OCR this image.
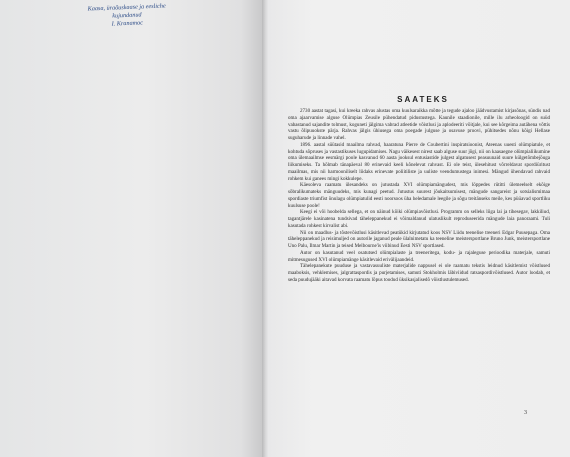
Kaasa, üraõuskaase ja eesliche
kujundanud
I. Kranamoc
SAATEKS

2730 aastat tagasi, kui kreeka rahvas alustas oma kuulsaraikka mõtte ja tegude ajaloo jäädvustamist kirjasõnas, sündis nad oma ajaarvamise alguse Olümpias Zeusile pühendatud pidustustega. Kaunile staadionile, mille ilu arheoloogid on suüd vabastanud sajandite tolmust, koguneti jälgima vabrad atleetide võistlusi ja aplodeeriti võitjale, kui see kõrgeima autähena võttis vastu õlipuuokste pärja. Rahvas jälgis ühiusega oma poegade julguse ja osavuse proovi, pühitsedes nõnu kõigi Hellase suguharude ja linnade vahel.

1896. aastal süütasid maailma rahvad, haaratuna Pierre de Coubertini inspiratsioonist, Ateenas uuesti olümpiatule, et kohtuda sõpruses ja vastastikuses lugupidamises. Nagu väikesest nirest saab alguse suur jõgi, nii on kaasaegne olümpialiikumine oma ülemaailmse eesmärgi poole kasvanud 60 aasta jooksul entusiastide julgest algatusest peasuunaid suure külgetõmbejõuga liikumiseks. Ta hõlmab tänapäeval 80 erinevaid keeli kõnelevat rahvast. Ei ole teist, ülesehitust võrreldavat spordiüritust maailmas, mis nii harmooniliselt liidaks erinevate poliitiliste ja uuliste veendumustega inimesi. Mängud ühendavad rahvaid rohkem kui ganees mingi kokkulepe.

Käesoleva raamatu ülesandeks on jutustada XVI olümpiamängudest, mis löppedes rütitti ülemeelselt ekõige sõbralikumateks mänguudeks, mis kunagi peetud. Jutustus suurest jõukaitsumisest, mängude sangareist ja sotsialismimaa spordiaste triumfist õnulagu olümpiatulid eesti noorsoos üha heledamale leegile ja sõgu treitänseks meile, kes püüavad sportliku kuulsuse poole!

Keegi ei või hoobelda sellega, et on näinud kõiki olümpiavõistlusi. Programm on selleks liiga lai ja tihesegav, lakkiliud, tagantjärele kasinatena tundsivad täheleppanekud ei võimaldanud ulatuslikult reproduseerida mängude laia panoraami. Tuli kasutada rohkest kirvalist abi.

Nii on maadlus- ja tõstevõistlusi käsitlevad peatükid kirjutatud koos NSV Liidu teenelise treeneri Edgar Puusepaga. Oma täheleppanekud ja reisimuljed on autorile jaganud peale ülalnimetatu ka teeneline meistersportlane Bruno Junk, meistersportlane Uno Palu, Ilmar Martin ja teised Melbourne'is viibinud Eesti NSV sportlased.

Autor on kasutanud veel osatutsed olümpialaste ja treeneritega, kodu- ja rajaleguse perioodika materjale, samuti mitmesugused XVI olümpiamänge käsitlevaid erivälijaandeid.

Tähelepanekute puuduse ja vastavasuuliste materjalide nappusel ei ole raamatu tekstis leidnud käsitlemist võistlused maaboksis, vehklemises, jalgrattaspordis ja purjetamises, samuti Stokholmis läbiviidud ratsaspordivõistlused. Autor loodab, et seda puudujääki aitavad korvata raamatu lõpus toodud üksikasjalisedõ võistlustulemused.

3
